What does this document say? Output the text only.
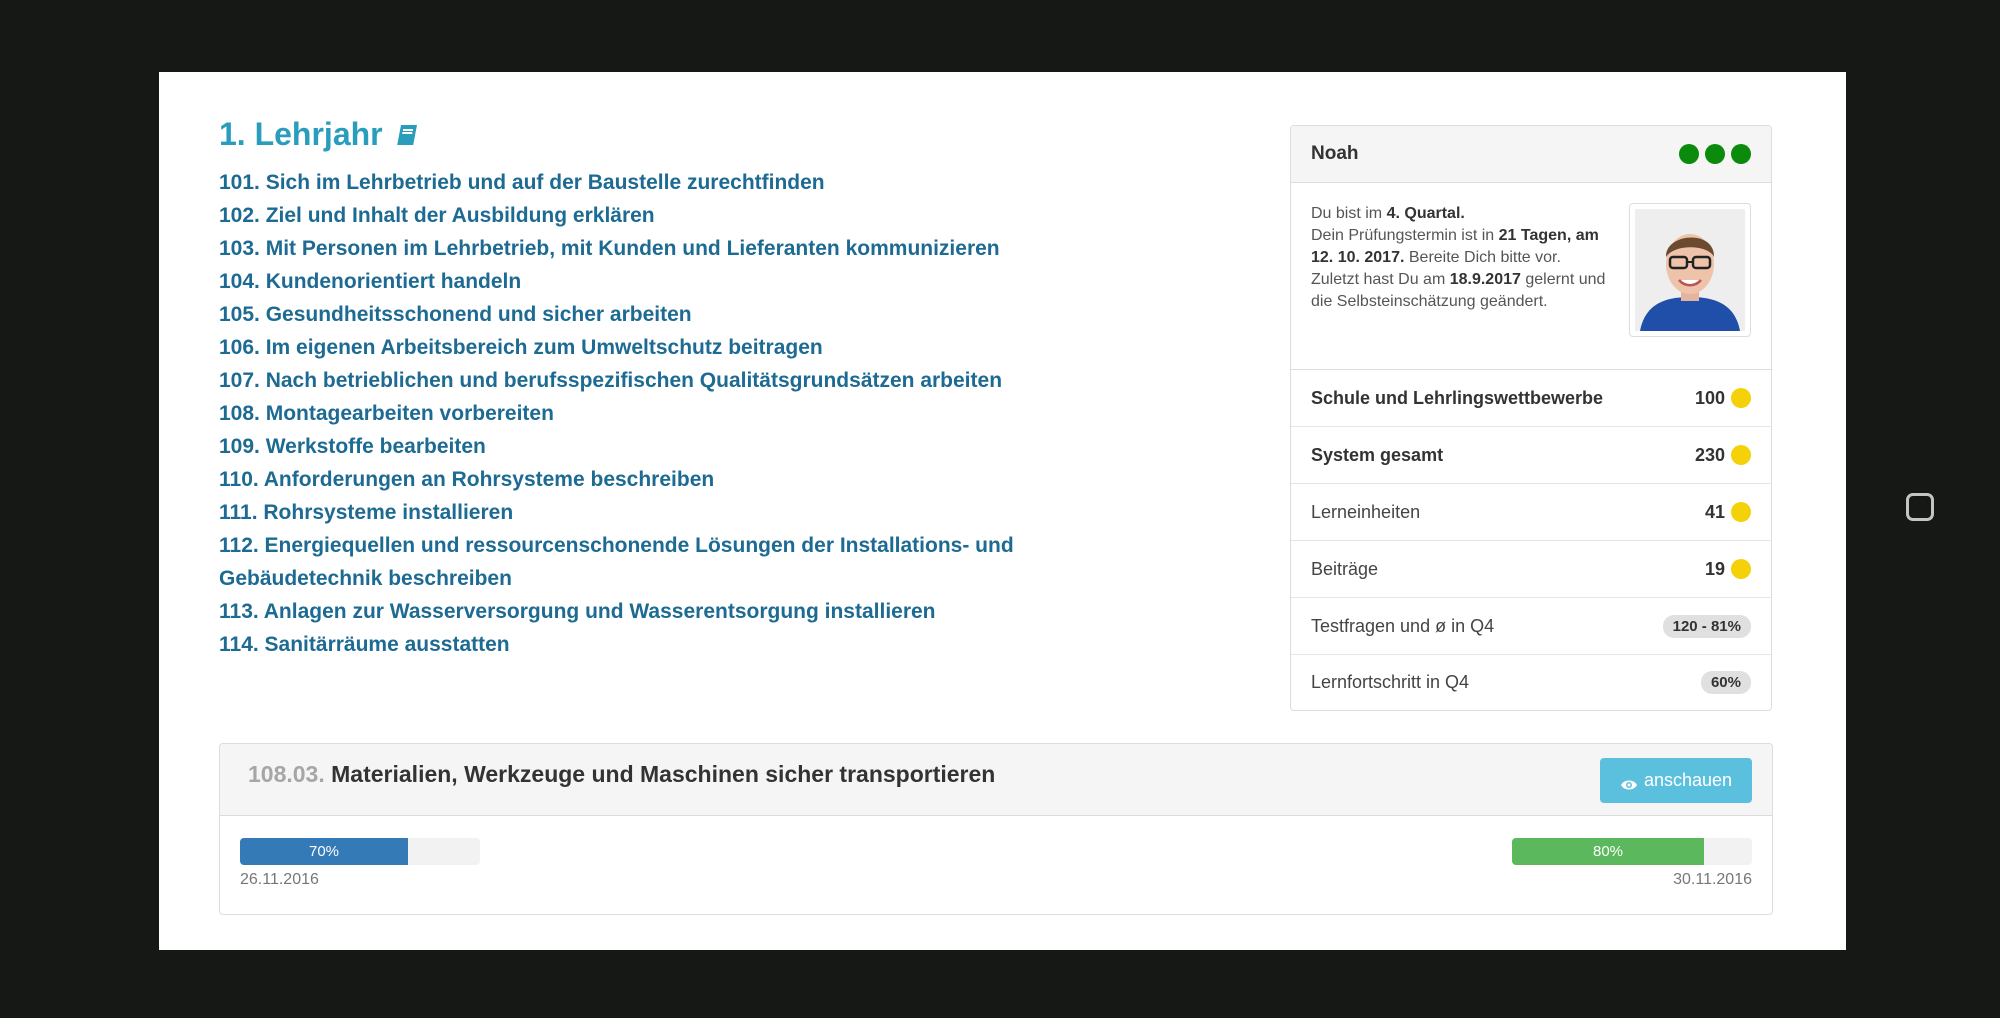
1. Lehrjahr
101. Sich im Lehrbetrieb und auf der Baustelle zurechtfinden
102. Ziel und Inhalt der Ausbildung erklären
103. Mit Personen im Lehrbetrieb, mit Kunden und Lieferanten kommunizieren
104. Kundenorientiert handeln
105. Gesundheitsschonend und sicher arbeiten
106. Im eigenen Arbeitsbereich zum Umweltschutz beitragen
107. Nach betrieblichen und berufsspezifischen Qualitätsgrundsätzen arbeiten
108. Montagearbeiten vorbereiten
109. Werkstoffe bearbeiten
110. Anforderungen an Rohrsysteme beschreiben
111. Rohrsysteme installieren
112. Energiequellen und ressourcenschonende Lösungen der Installations- und Gebäudetechnik beschreiben
113. Anlagen zur Wasserversorgung und Wasserentsorgung installieren
114. Sanitärräume ausstatten
Noah
Du bist im 4. Quartal.
Dein Prüfungstermin ist in 21 Tagen, am 12. 10. 2017. Bereite Dich bitte vor. Zuletzt hast Du am 18.9.2017 gelernt und die Selbsteinschätzung geändert.
Schule und Lehrlingswettbewerbe	100
System gesamt	230
Lerneinheiten	41
Beiträge	19
Testfragen und ø in Q4	120 - 81%
Lernfortschritt in Q4	60%
108.03. Materialien, Werkzeuge und Maschinen sicher transportieren	anschauen
70%
26.11.2016
80%
30.11.2016
